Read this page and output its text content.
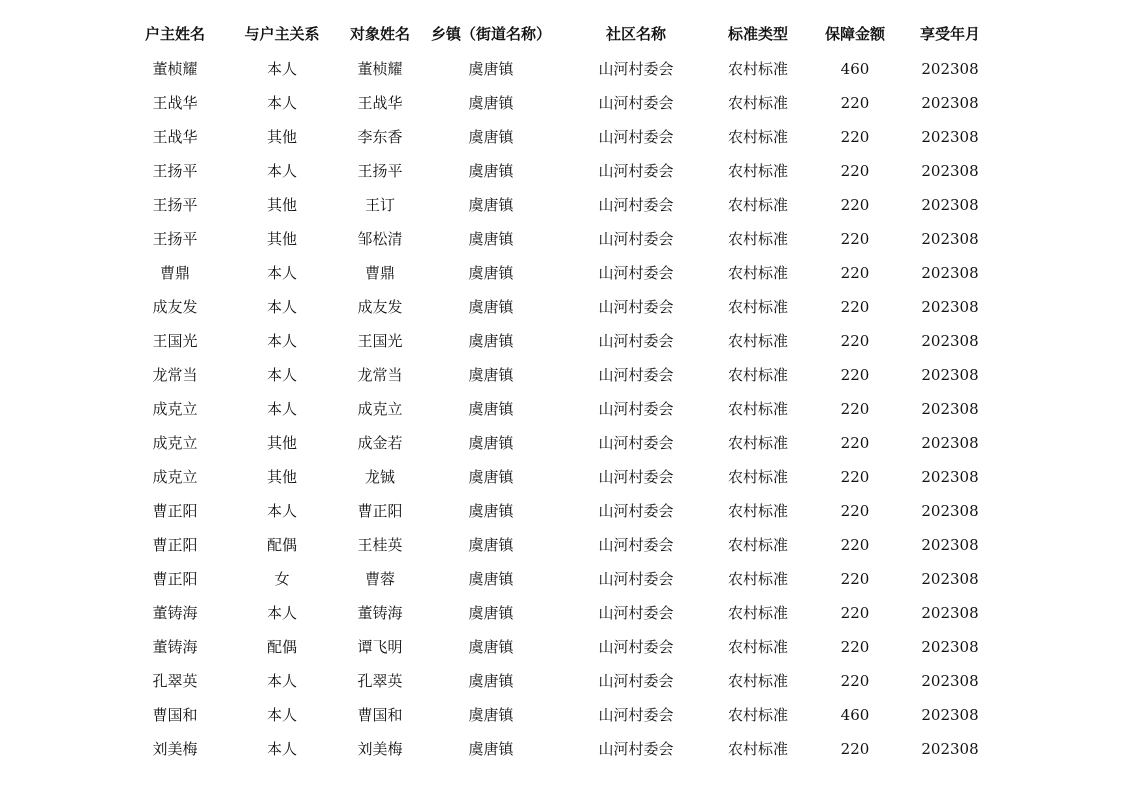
户主姓名	与户主关系	对象姓名	乡镇（街道名称）	社区名称	标准类型	保障金额	享受年月
董桢耀	本人	董桢耀	虞唐镇	山河村委会	农村标准	460	202308
王战华	本人	王战华	虞唐镇	山河村委会	农村标准	220	202308
王战华	其他	李东香	虞唐镇	山河村委会	农村标准	220	202308
王扬平	本人	王扬平	虞唐镇	山河村委会	农村标准	220	202308
王扬平	其他	王订	虞唐镇	山河村委会	农村标准	220	202308
王扬平	其他	邹松清	虞唐镇	山河村委会	农村标准	220	202308
曹鼎	本人	曹鼎	虞唐镇	山河村委会	农村标准	220	202308
成友发	本人	成友发	虞唐镇	山河村委会	农村标准	220	202308
王国光	本人	王国光	虞唐镇	山河村委会	农村标准	220	202308
龙常当	本人	龙常当	虞唐镇	山河村委会	农村标准	220	202308
成克立	本人	成克立	虞唐镇	山河村委会	农村标准	220	202308
成克立	其他	成金若	虞唐镇	山河村委会	农村标准	220	202308
成克立	其他	龙铖	虞唐镇	山河村委会	农村标准	220	202308
曹正阳	本人	曹正阳	虞唐镇	山河村委会	农村标准	220	202308
曹正阳	配偶	王桂英	虞唐镇	山河村委会	农村标准	220	202308
曹正阳	女	曹蓉	虞唐镇	山河村委会	农村标准	220	202308
董铸海	本人	董铸海	虞唐镇	山河村委会	农村标准	220	202308
董铸海	配偶	谭飞明	虞唐镇	山河村委会	农村标准	220	202308
孔翠英	本人	孔翠英	虞唐镇	山河村委会	农村标准	220	202308
曹国和	本人	曹国和	虞唐镇	山河村委会	农村标准	460	202308
刘美梅	本人	刘美梅	虞唐镇	山河村委会	农村标准	220	202308
